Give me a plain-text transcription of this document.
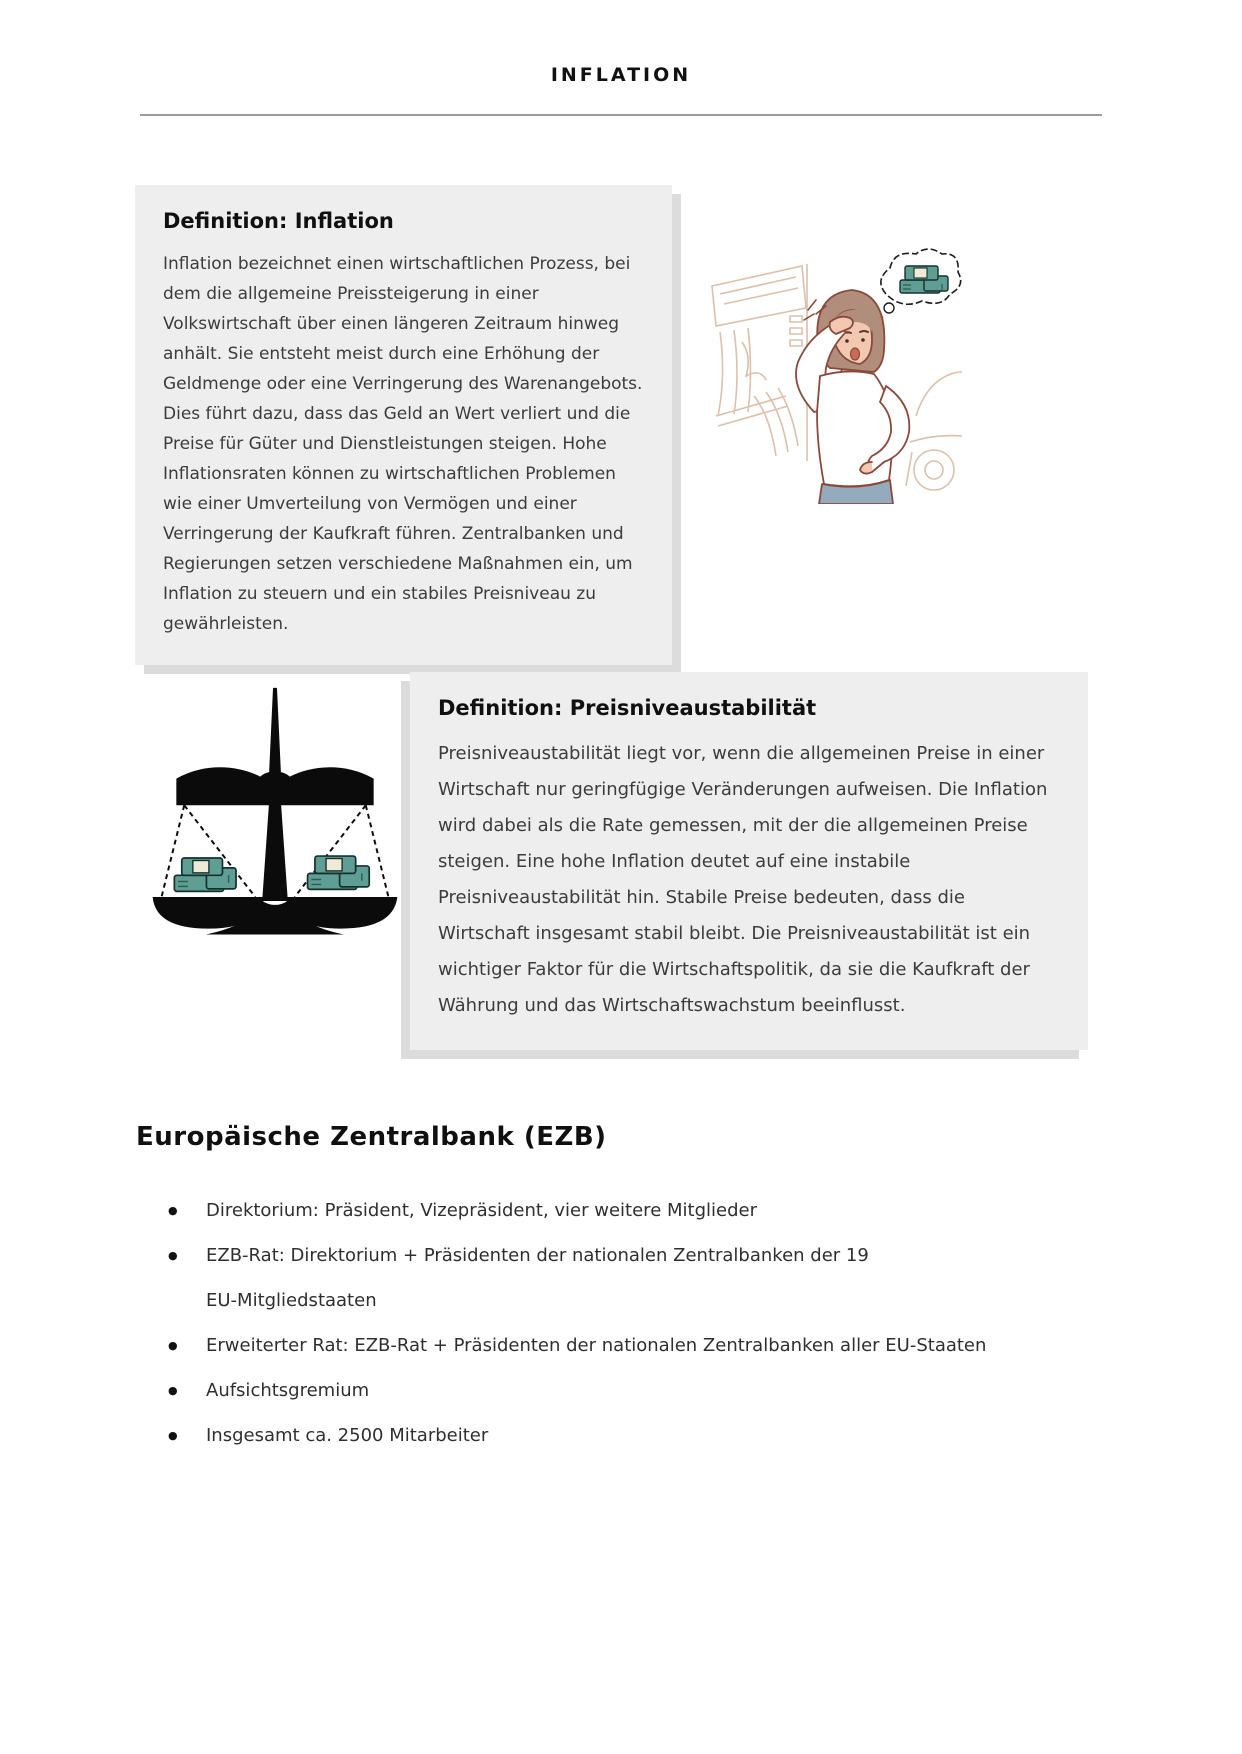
INFLATION
Definition: Inflation

Inflation bezeichnet einen wirtschaftlichen Prozess, bei dem die allgemeine Preissteigerung in einer Volkswirtschaft über einen längeren Zeitraum hinweg anhält. Sie entsteht meist durch eine Erhöhung der Geldmenge oder eine Verringerung des Warenangebots. Dies führt dazu, dass das Geld an Wert verliert und die Preise für Güter und Dienstleistungen steigen. Hohe Inflationsraten können zu wirtschaftlichen Problemen wie einer Umverteilung von Vermögen und einer Verringerung der Kaufkraft führen. Zentralbanken und Regierungen setzen verschiedene Maßnahmen ein, um Inflation zu steuern und ein stabiles Preisniveau zu gewährleisten.

Definition: Preisniveaustabilität

Preisniveaustabilität liegt vor, wenn die allgemeinen Preise in einer Wirtschaft nur geringfügige Veränderungen aufweisen. Die Inflation wird dabei als die Rate gemessen, mit der die allgemeinen Preise steigen. Eine hohe Inflation deutet auf eine instabile Preisniveaustabilität hin. Stabile Preise bedeuten, dass die Wirtschaft insgesamt stabil bleibt. Die Preisniveaustabilität ist ein wichtiger Faktor für die Wirtschaftspolitik, da sie die Kaufkraft der Währung und das Wirtschaftswachstum beeinflusst.

Europäische Zentralbank (EZB)
● Direktorium: Präsident, Vizepräsident, vier weitere Mitglieder
● EZB-Rat: Direktorium + Präsidenten der nationalen Zentralbanken der 19 EU-Mitgliedstaaten
● Erweiterter Rat: EZB-Rat + Präsidenten der nationalen Zentralbanken aller EU-Staaten
● Aufsichtsgremium
● Insgesamt ca. 2500 Mitarbeiter
